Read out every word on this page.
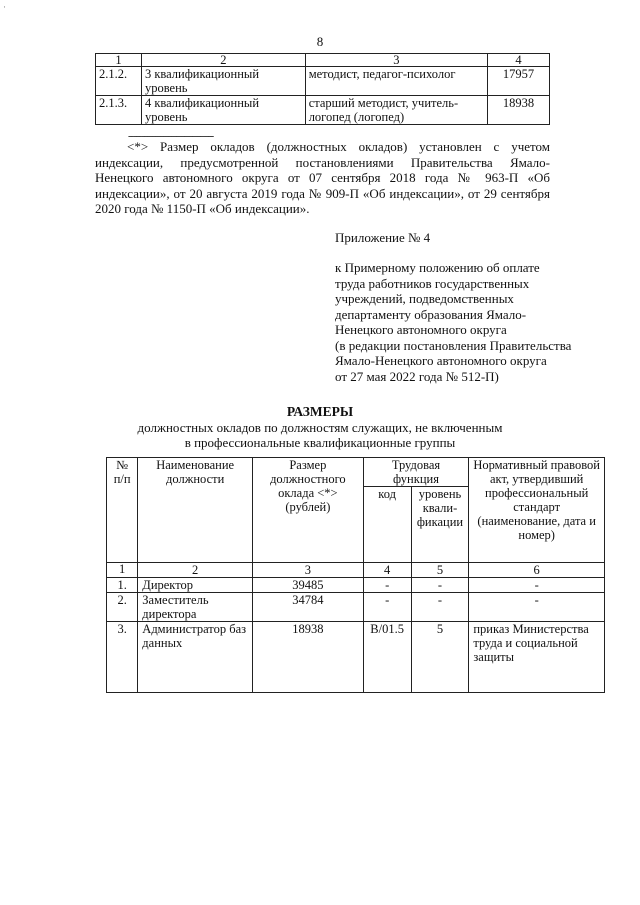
·
8
1	2	3	4
2.1.2.	3 квалификационный уровень	методист, педагог-психолог	17957
2.1.3.	4 квалификационный уровень	старший методист, учитель-логопед (логопед)	18938
--------------------------------
<*> Размер окладов (должностных окладов) установлен с учетом индексации, предусмотренной постановлениями Правительства Ямало-Ненецкого автономного округа от 07 сентября 2018 года № 963-П «Об индексации», от 20 августа 2019 года № 909-П «Об индексации», от 29 сентября 2020 года № 1150-П «Об индексации».
Приложение № 4
к Примерному положению об оплате
труда работников государственных
учреждений, подведомственных
департаменту образования Ямало-
Ненецкого автономного округа
(в редакции постановления Правительства
Ямало-Ненецкого автономного округа
от 27 мая 2022 года № 512-П)
РАЗМЕРЫ
должностных окладов по должностям служащих, не включенным
в профессиональные квалификационные группы
№ п/п	Наименование должности	Размер должностного оклада <*> (рублей)	Трудовая функция		Нормативный правовой акт, утвердивший профессиональный стандарт (наименование, дата и номер)
			код	уровень квали-фикации	
1	2	3	4	5	6
1.	Директор	39485	-	-	-
2.	Заместитель директора	34784	-	-	-
3.	Администратор баз данных	18938	В/01.5	5	приказ Министерства труда и социальной защиты
